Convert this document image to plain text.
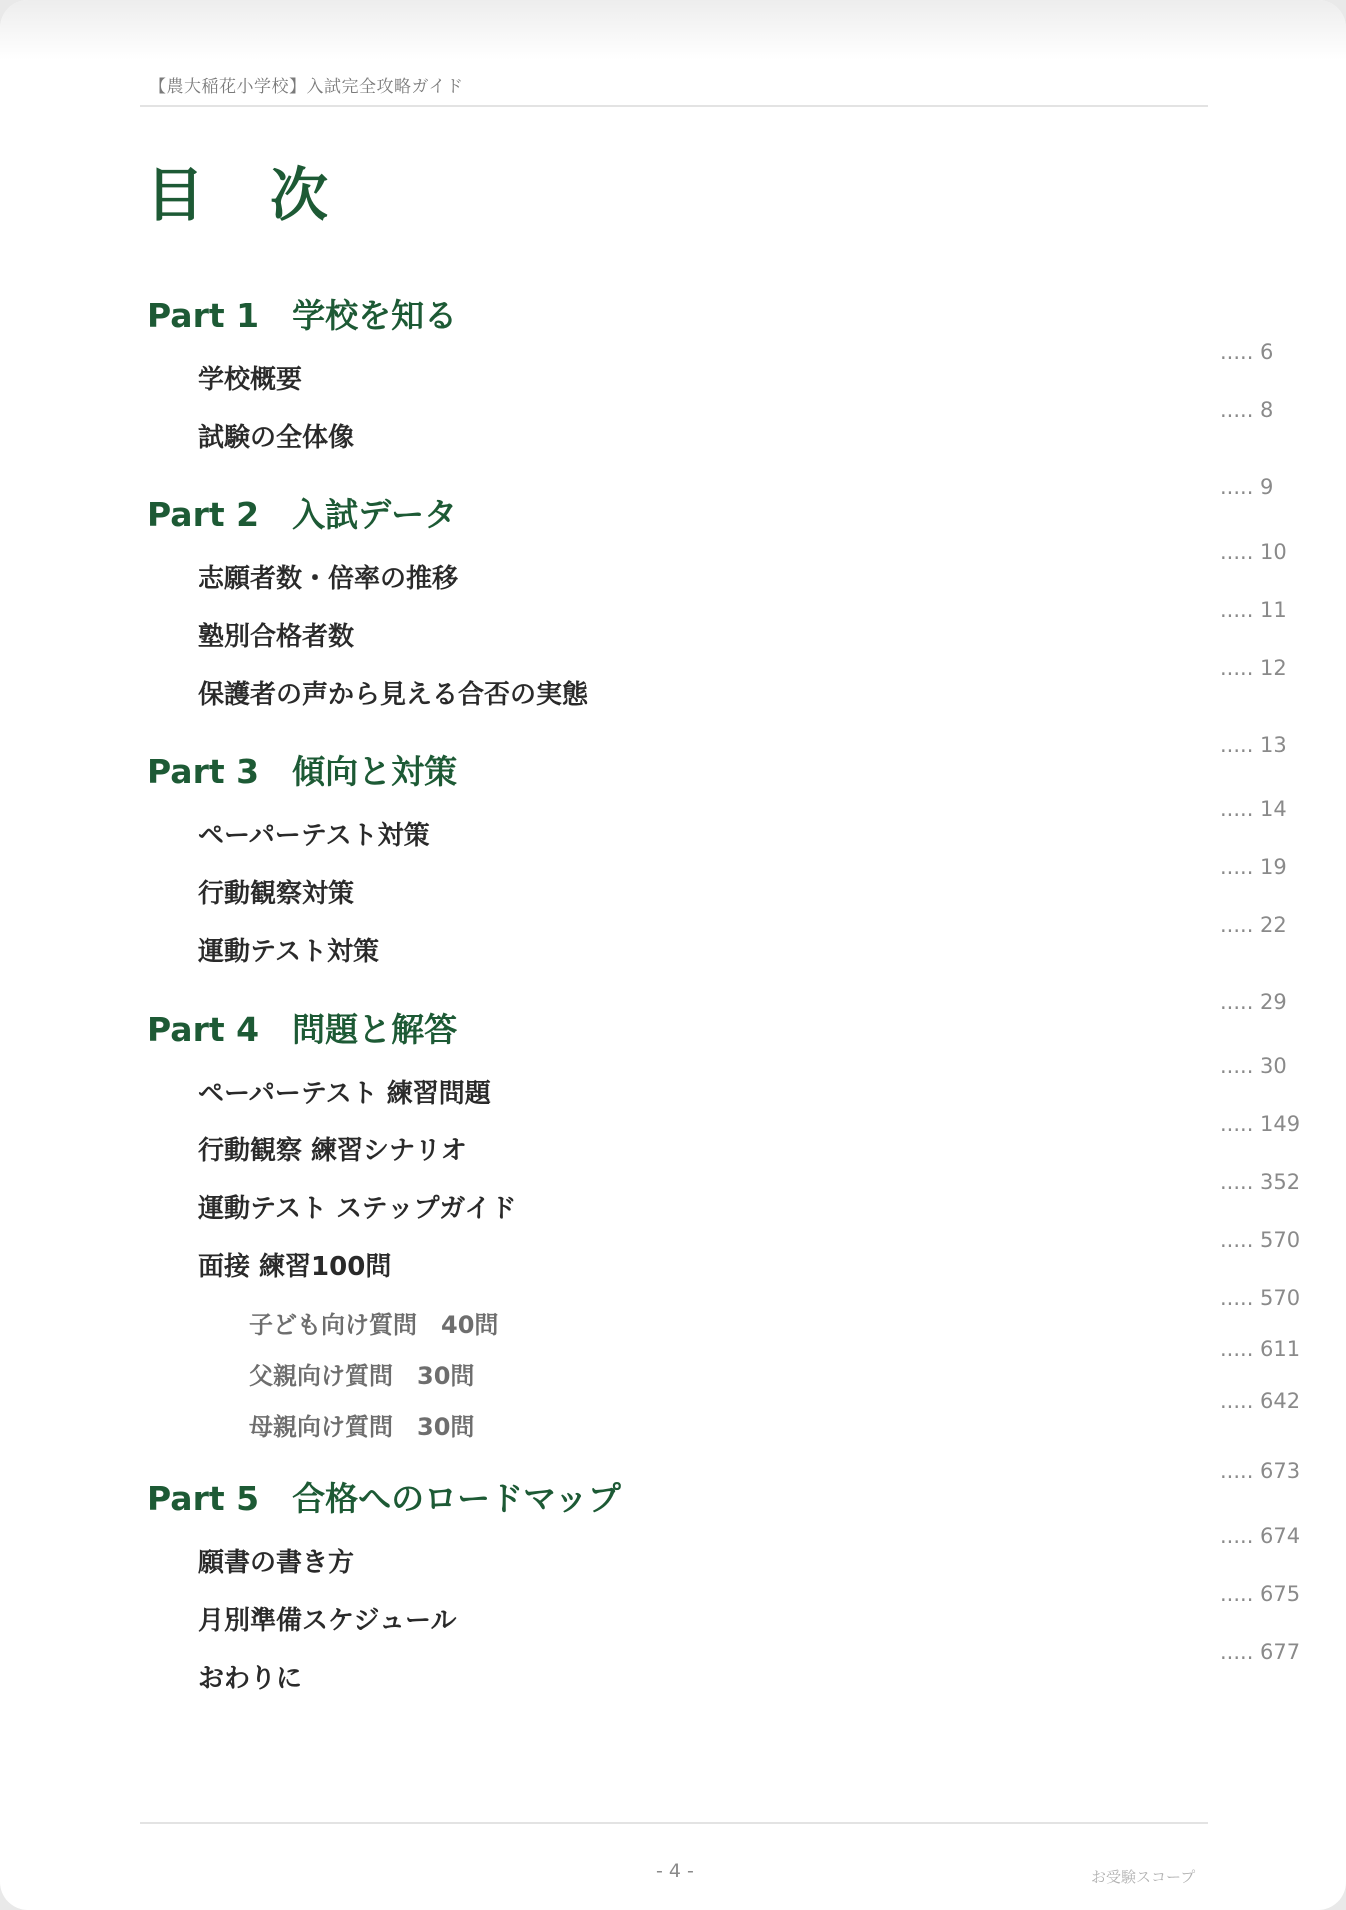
【農大稲花小学校】入試完全攻略ガイド
目　次
Part 1　学校を知る
学校概要
試験の全体像
Part 2　入試データ
志願者数・倍率の推移
塾別合格者数
保護者の声から見える合否の実態
Part 3　傾向と対策
ペーパーテスト対策
行動観察対策
運動テスト対策
Part 4　問題と解答
ペーパーテスト 練習問題
行動観察 練習シナリオ
運動テスト ステップガイド
面接 練習100問
子ども向け質問　40問
父親向け質問　30問
母親向け質問　30問
Part 5　合格へのロードマップ
願書の書き方
月別準備スケジュール
おわりに
..... 6
..... 8
..... 9
..... 10
..... 11
..... 12
..... 13
..... 14
..... 19
..... 22
..... 29
..... 30
..... 149
..... 352
..... 570
..... 570
..... 611
..... 642
..... 673
..... 674
..... 675
..... 677
- 4 -	お受験スコープ
